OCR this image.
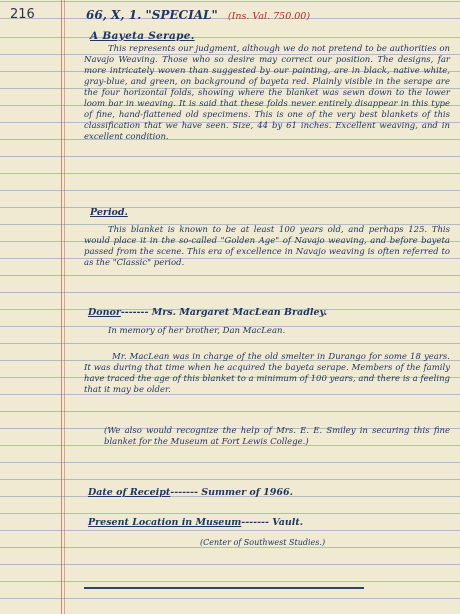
216	66, X, 1. "SPECIAL" (Ins. Val. 750.00)
A Bayeta Serape.

This represents our judgment, although we do not pretend to be authorities on Navajo Weaving. Those who so desire may correct our position. The designs, far more intricately woven than suggested by our painting, are in black, native white, gray-blue, and green, on background of bayeta red. Plainly visible in the serape are the four horizontal folds, showing where the blanket was sewn down to the lower loom bar in weaving. It is said that these folds never entirely disappear in this type of fine, hand-flattened old specimens. This is one of the very best blankets of this classification that we have seen. Size, 44 by 61 inches. Excellent weaving, and in excellent condition.

Period.

This blanket is known to be at least 100 years old, and perhaps 125. This would place it in the so-called "Golden Age" of Navajo weaving, and before bayeta passed from the scene. This era of excellence in Navajo weaving is often referred to as the "Classic" period.

Donor------- Mrs. Margaret MacLean Bradley.

In memory of her brother, Dan MacLean.

Mr. MacLean was in charge of the old smelter in Durango for some 18 years. It was during that time when he acquired the bayeta serape. Members of the family have traced the age of this blanket to a minimum of 100 years, and there is a feeling that it may be older.

(We also would recognize the help of Mrs. E. E. Smiley in securing this fine blanket for the Museum at Fort Lewis College.)

Date of Receipt------- Summer of 1966.
Present Location in Museum------- Vault.
(Center of Southwest Studies.)
